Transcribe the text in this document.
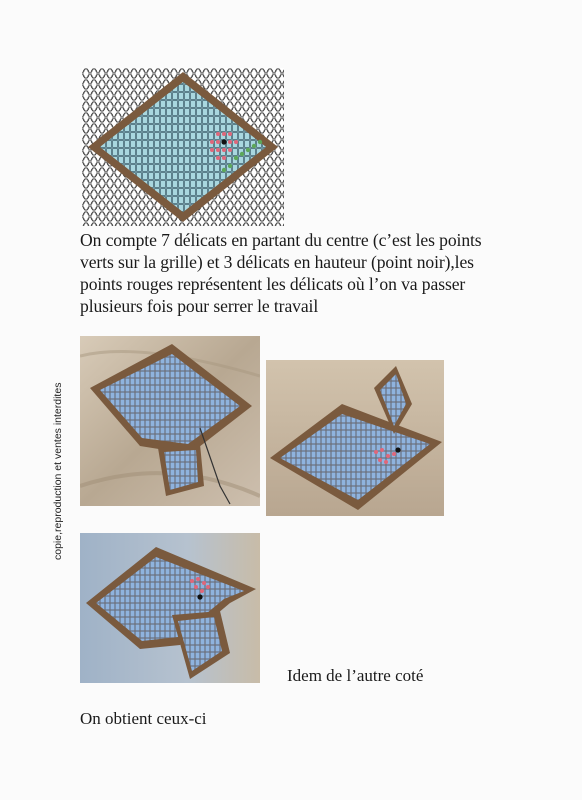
On compte 7 délicats en partant du centre (c’est les points verts sur la grille) et 3 délicats en hauteur (point noir),les points rouges représentent les délicats où l’on va passer plusieurs fois pour serrer le travail

copie,reproduction et ventes interdites

Idem de l’autre coté

On obtient ceux-ci
